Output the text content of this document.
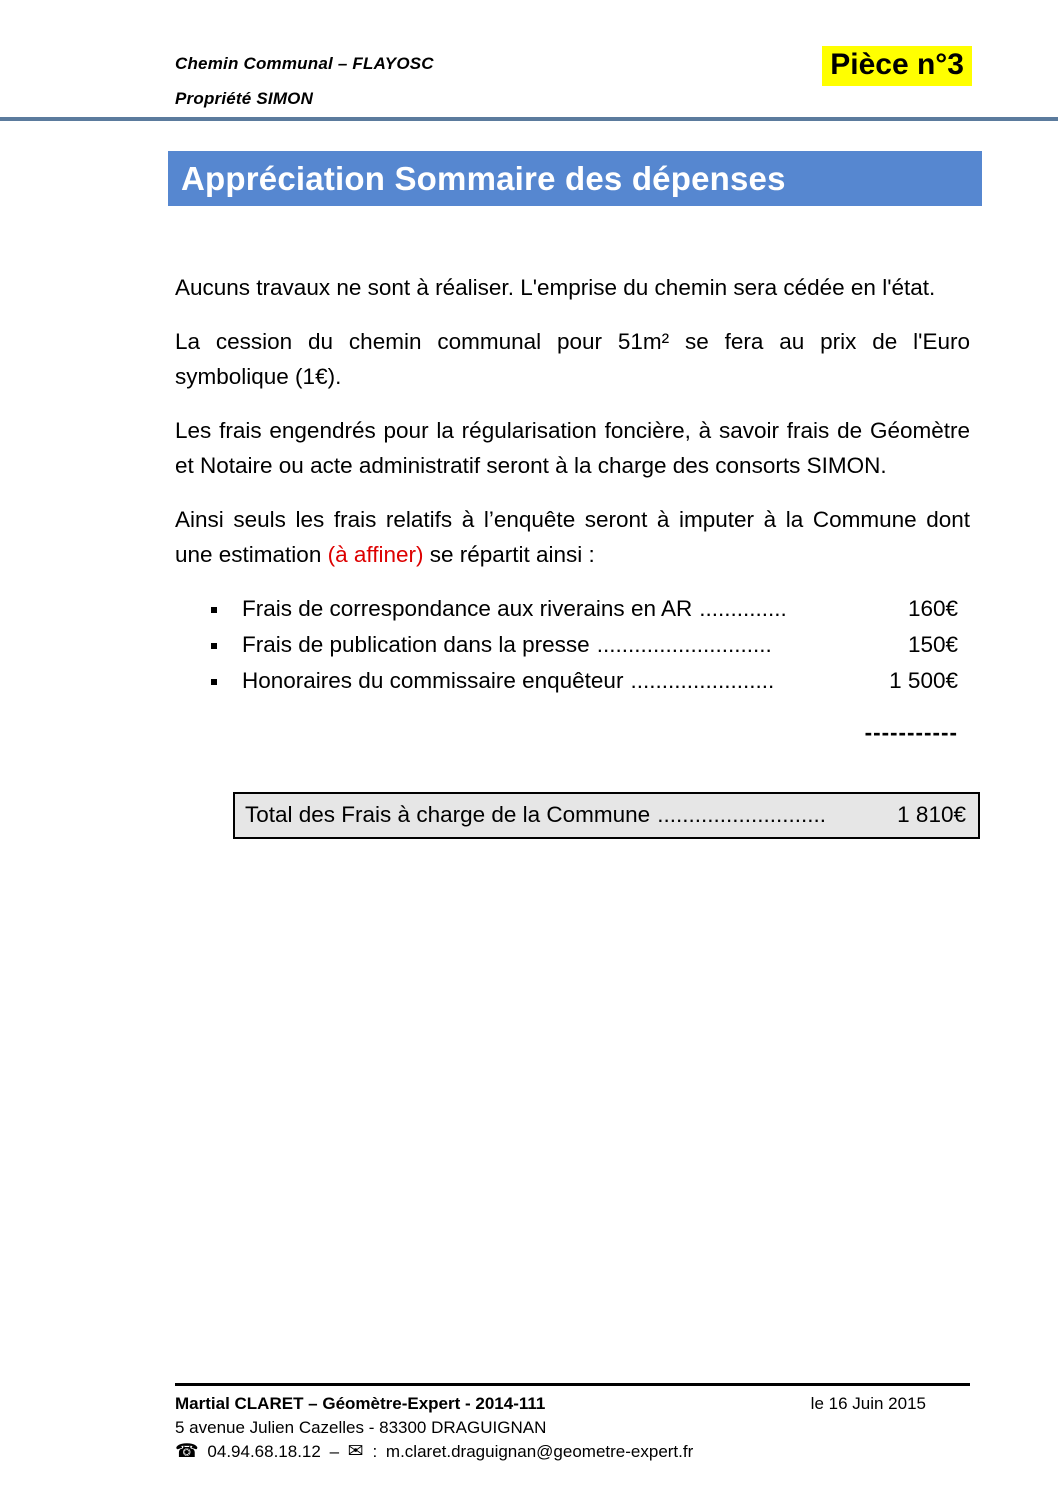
Chemin Communal – FLAYOSC
Propriété SIMON
Pièce n°3
Appréciation Sommaire des dépenses

Aucuns travaux ne sont à réaliser. L'emprise du chemin sera cédée en l'état.

La cession du chemin communal pour 51m² se fera au prix de l'Euro symbolique (1€).

Les frais engendrés pour la régularisation foncière, à savoir frais de Géomètre et Notaire ou acte administratif seront à la charge des consorts SIMON.

Ainsi seuls les frais relatifs à l’enquête seront à imputer à la Commune dont une estimation (à affiner) se répartit ainsi :

Frais de correspondance aux riverains en AR ..............	160€
Frais de publication dans la presse ............................	150€
Honoraires du commissaire enquêteur .......................	1 500€
-----------
Total des Frais à charge de la Commune ...........................	1 810€
Martial CLARET – Géomètre-Expert - 2014-111	le 16 Juin 2015
5 avenue Julien Cazelles - 83300 DRAGUIGNAN
☎ 04.94.68.18.12 – ✉ : m.claret.draguignan@geometre-expert.fr
